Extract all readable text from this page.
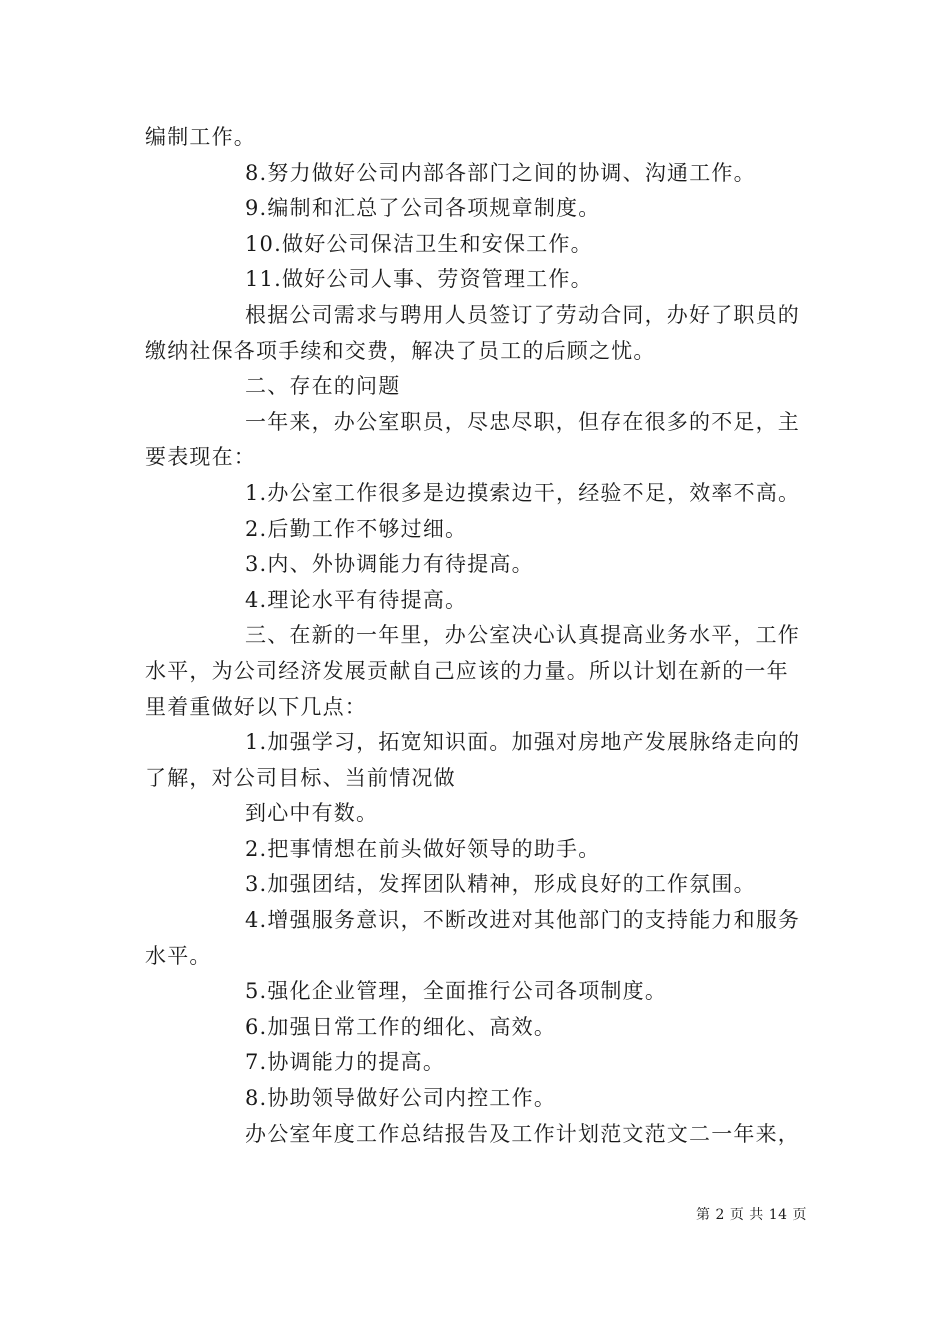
编制工作。
8.努力做好公司内部各部门之间的协调、沟通工作。
9.编制和汇总了公司各项规章制度。
10.做好公司保洁卫生和安保工作。
11.做好公司人事、劳资管理工作。
根据公司需求与聘用人员签订了劳动合同，办好了职员的
缴纳社保各项手续和交费，解决了员工的后顾之忧。
二、存在的问题
一年来，办公室职员，尽忠尽职，但存在很多的不足，主
要表现在：
1.办公室工作很多是边摸索边干，经验不足，效率不高。
2.后勤工作不够过细。
3.内、外协调能力有待提高。
4.理论水平有待提高。
三、在新的一年里，办公室决心认真提高业务水平，工作
水平，为公司经济发展贡献自己应该的力量。所以计划在新的一年
里着重做好以下几点：
1.加强学习，拓宽知识面。加强对房地产发展脉络走向的
了解，对公司目标、当前情况做
到心中有数。
2.把事情想在前头做好领导的助手。
3.加强团结，发挥团队精神，形成良好的工作氛围。
4.增强服务意识，不断改进对其他部门的支持能力和服务
水平。
5.强化企业管理，全面推行公司各项制度。
6.加强日常工作的细化、高效。
7.协调能力的提高。
8.协助领导做好公司内控工作。
办公室年度工作总结报告及工作计划范文范文二一年来，
第 2 页 共 14 页
